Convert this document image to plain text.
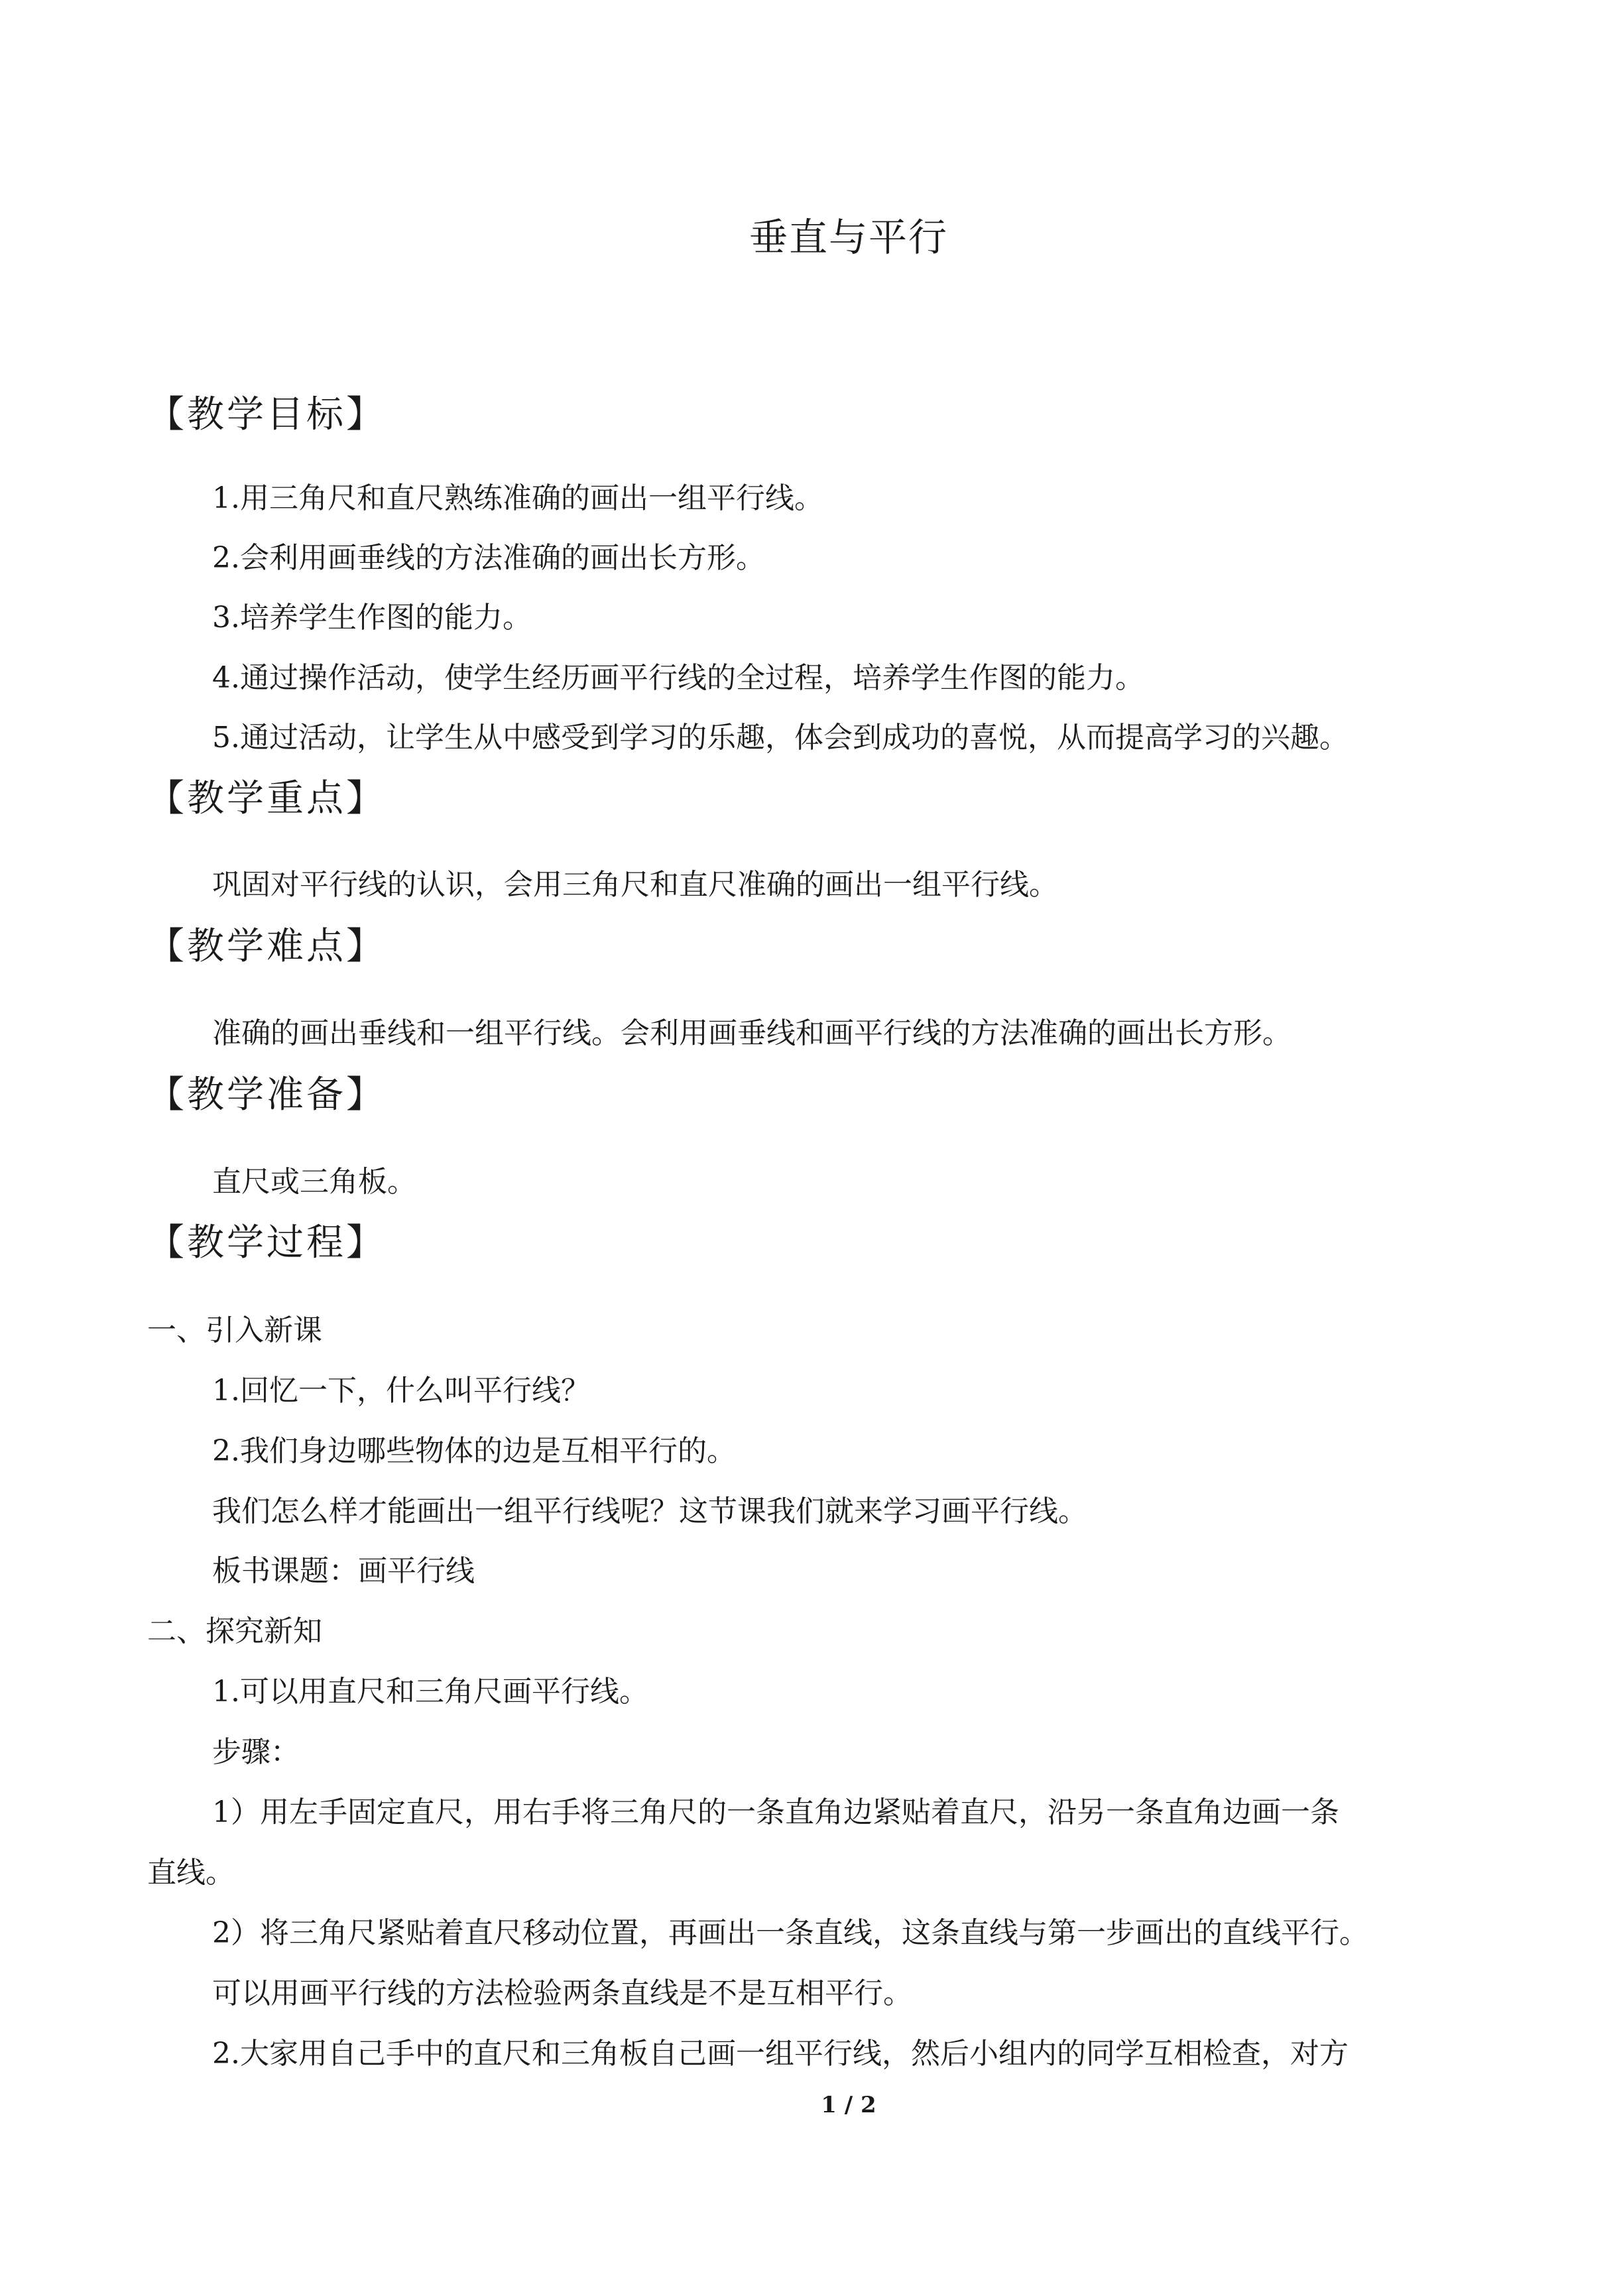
垂直与平行
【教学目标】
1.用三角尺和直尺熟练准确的画出一组平行线。
2.会利用画垂线的方法准确的画出长方形。
3.培养学生作图的能力。
4.通过操作活动，使学生经历画平行线的全过程，培养学生作图的能力。
5.通过活动，让学生从中感受到学习的乐趣，体会到成功的喜悦，从而提高学习的兴趣。
【教学重点】
巩固对平行线的认识，会用三角尺和直尺准确的画出一组平行线。
【教学难点】
准确的画出垂线和一组平行线。会利用画垂线和画平行线的方法准确的画出长方形。
【教学准备】
直尺或三角板。
【教学过程】
一、引入新课
1.回忆一下，什么叫平行线？
2.我们身边哪些物体的边是互相平行的。
我们怎么样才能画出一组平行线呢？这节课我们就来学习画平行线。
板书课题：画平行线
二、探究新知
1.可以用直尺和三角尺画平行线。
步骤：
1）用左手固定直尺，用右手将三角尺的一条直角边紧贴着直尺，沿另一条直角边画一条
直线。
2）将三角尺紧贴着直尺移动位置，再画出一条直线，这条直线与第一步画出的直线平行。
可以用画平行线的方法检验两条直线是不是互相平行。
2.大家用自己手中的直尺和三角板自己画一组平行线，然后小组内的同学互相检查，对方
1 / 2
